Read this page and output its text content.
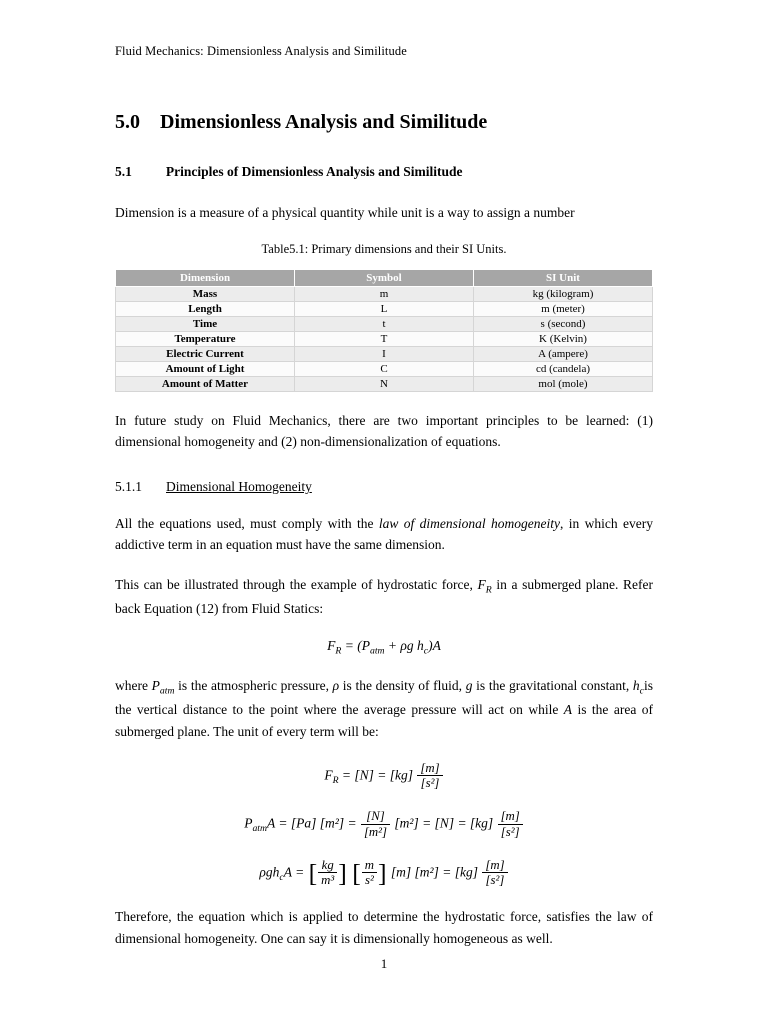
Fluid Mechanics: Dimensionless Analysis and Similitude
5.0 Dimensionless Analysis and Similitude
5.1	Principles of Dimensionless Analysis and Similitude

Dimension is a measure of a physical quantity while unit is a way to assign a number

Table5.1: Primary dimensions and their SI Units.
Dimension	Symbol	SI Unit
Mass	m	kg (kilogram)
Length	L	m (meter)
Time	t	s (second)
Temperature	T	K (Kelvin)
Electric Current	I	A (ampere)
Amount of Light	C	cd (candela)
Amount of Matter	N	mol (mole)

In future study on Fluid Mechanics, there are two important principles to be learned: (1) dimensional homogeneity and (2) non-dimensionalization of equations.

5.1.1 Dimensional Homogeneity

All the equations used, must comply with the law of dimensional homogeneity, in which every addictive term in an equation must have the same dimension.

This can be illustrated through the example of hydrostatic force, $F_R$ in a submerged plane. Refer back Equation (12) from Fluid Statics:

$F_R = (P_{atm} + \rho g$ $h_c)A$

where $P_{atm}$ is the atmospheric pressure, ρ is the density of fluid, g is the gravitational constant, $h_cis$ the vertical distance to the point where the average pressure will act on while A is the area of submerged plane. The unit of every term will be:

$F_R = [N] = [kg] \frac{[m]}{\text{[s²]}}$
$P_{atm}A = [Pa] [m^2] = \frac{[N]}{\text{[m²]}} [m^2] = [N] = [kg] \frac{[m]}{\text{[s²]}}$
ρgh$_c$A = [ $\frac{kg}{\text{m³}}$ ] [ $\frac{m}{\text{s²}}$ ] [m] $[m^2] = [kg] \frac{[m]}{\text{[s²]}}$

Therefore, the equation which is applied to determine the hydrostatic force, satisfies the law of dimensional homogeneity. One can say it is dimensionally homogeneous as well.

1
